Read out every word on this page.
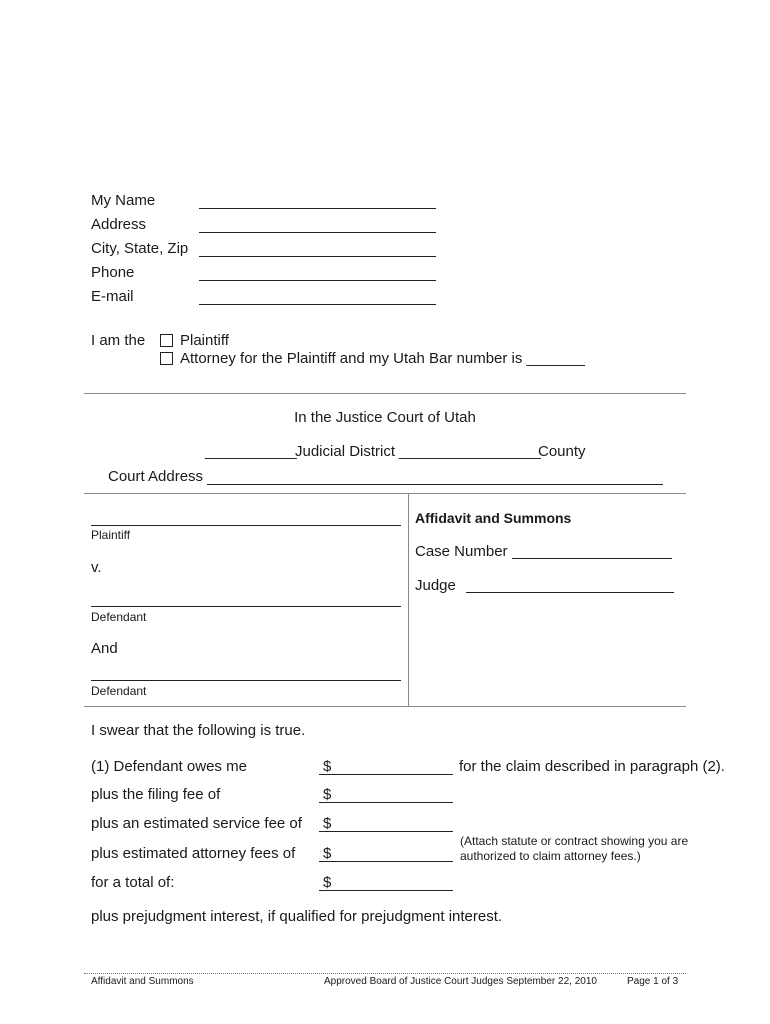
My Name
Address
City, State, Zip
Phone
E-mail
I am the Plaintiff
Attorney for the Plaintiff and my Utah Bar number is _______
In the Justice Court of Utah
___________
Judicial District _________________
County
Court Address
Plaintiff
v.
Defendant
And
Defendant
Affidavit and Summons
Case Number
Judge
I swear that the following is true.
(1) Defendant owes me	$	for the claim described in paragraph (2).
plus the filing fee of	$
plus an estimated service fee of $
(Attach statute or contract showing you are
authorized to claim attorney fees.)
plus estimated attorney fees of $
for a total of:	$
plus prejudgment interest, if qualified for prejudgment interest.
Affidavit and Summons	Approved Board of Justice Court Judges September 22, 2010	Page 1 of 3
